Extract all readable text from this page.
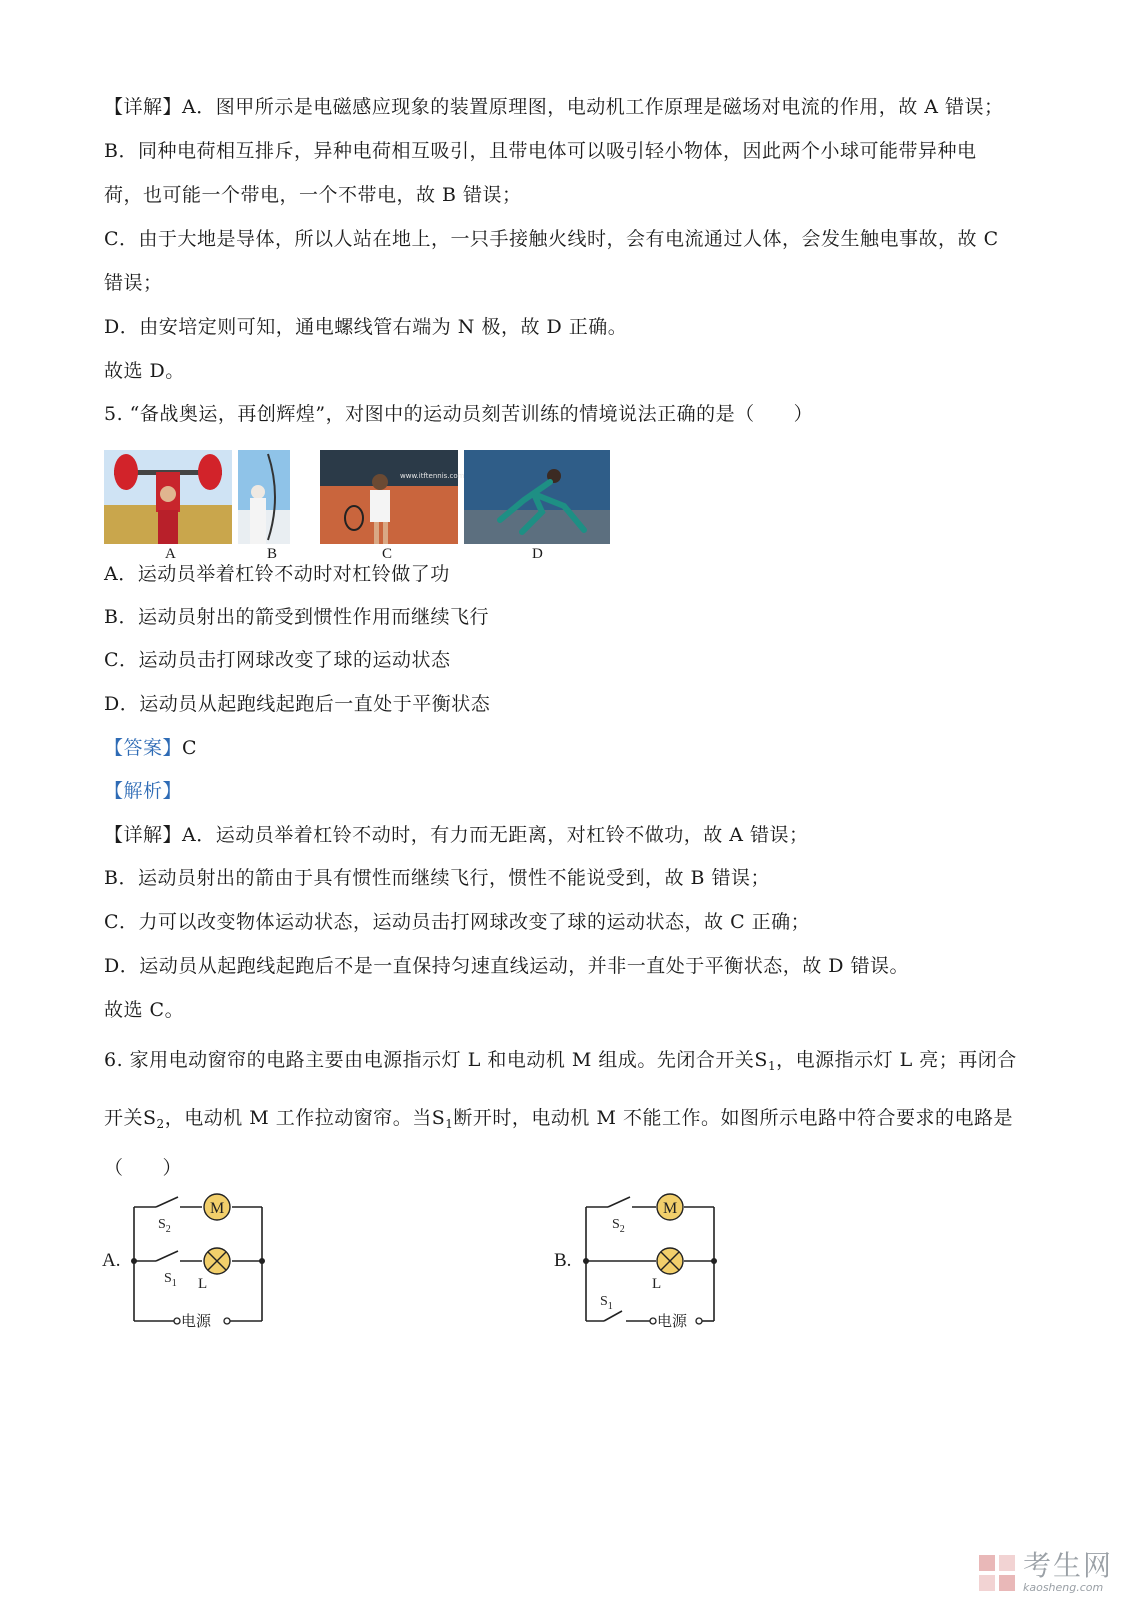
【详解】A．图甲所示是电磁感应现象的装置原理图，电动机工作原理是磁场对电流的作用，故 A 错误；
B．同种电荷相互排斥，异种电荷相互吸引，且带电体可以吸引轻小物体，因此两个小球可能带异种电
荷，也可能一个带电，一个不带电，故 B 错误；
C．由于大地是导体，所以人站在地上，一只手接触火线时，会有电流通过人体，会发生触电事故，故 C
错误；
D．由安培定则可知，通电螺线管右端为 N 极，故 D 正确。
故选 D。
5. “备战奥运，再创辉煌”，对图中的运动员刻苦训练的情境说法正确的是（　　）
www.itftennis.com
A	B	C	D
A．运动员举着杠铃不动时对杠铃做了功
B．运动员射出的箭受到惯性作用而继续飞行
C．运动员击打网球改变了球的运动状态
D．运动员从起跑线起跑后一直处于平衡状态
【答案】C
【解析】
【详解】A．运动员举着杠铃不动时，有力而无距离，对杠铃不做功，故 A 错误；
B．运动员射出的箭由于具有惯性而继续飞行，惯性不能说受到，故 B 错误；
C．力可以改变物体运动状态，运动员击打网球改变了球的运动状态，故 C 正确；
D．运动员从起跑线起跑后不是一直保持匀速直线运动，并非一直处于平衡状态，故 D 错误。
故选 C。
6. 家用电动窗帘的电路主要由电源指示灯 L 和电动机 M 组成。先闭合开关$S_1$，电源指示灯 L 亮；再闭合
开关$S_2$，电动机 M 工作拉动窗帘。当$S_1$断开时，电动机 M 不能工作。如图所示电路中符合要求的电路是
（　　）
A.
M
$S_2$
$S_1$ L
电源
B.
M
$S_2$
L
$S_1$
电源
考生网
kaosheng.com
